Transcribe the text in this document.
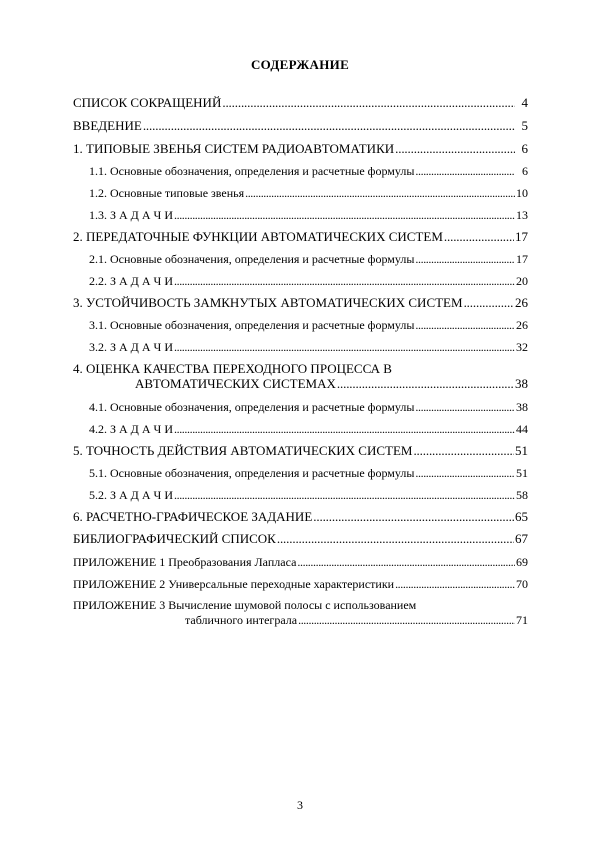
СОДЕРЖАНИЕ
СПИСОК СОКРАЩЕНИЙ . . .	4
ВВЕДЕНИЕ . . .	5
1. ТИПОВЫЕ ЗВЕНЬЯ СИСТЕМ РАДИОАВТОМАТИКИ . . .	6
1.1. Основные обозначения, определения и расчетные формулы . . .	6
1.2. Основные типовые звенья . . .	10
1.3. З А Д А Ч И . . .	13
2. ПЕРЕДАТОЧНЫЕ ФУНКЦИИ АВТОМАТИЧЕСКИХ СИСТЕМ . . .	17
2.1. Основные обозначения, определения и расчетные формулы . . .	17
2.2. З А Д А Ч И . . .	20
3. УСТОЙЧИВОСТЬ ЗАМКНУТЫХ АВТОМАТИЧЕСКИХ СИСТЕМ . . .	26
3.1. Основные обозначения, определения и расчетные формулы . . .	26
3.2. З А Д А Ч И . . .	32
4. ОЦЕНКА КАЧЕСТВА ПЕРЕХОДНОГО ПРОЦЕССА В
АВТОМАТИЧЕСКИХ СИСТЕМАХ . . .	38
4.1. Основные обозначения, определения и расчетные формулы . . .	38
4.2. З А Д А Ч И . . .	44
5. ТОЧНОСТЬ ДЕЙСТВИЯ АВТОМАТИЧЕСКИХ СИСТЕМ . . .	51
5.1. Основные обозначения, определения и расчетные формулы . . .	51
5.2. З А Д А Ч И . . .	58
6. РАСЧЕТНО-ГРАФИЧЕСКОЕ ЗАДАНИЕ . . .	65
БИБЛИОГРАФИЧЕСКИЙ СПИСОК . . .	67
ПРИЛОЖЕНИЕ 1 Преобразования Лапласа . . .	69
ПРИЛОЖЕНИЕ 2 Универсальные переходные характеристики . . .	70
ПРИЛОЖЕНИЕ 3 Вычисление шумовой полосы с использованием
табличного интеграла . . .	71
3
